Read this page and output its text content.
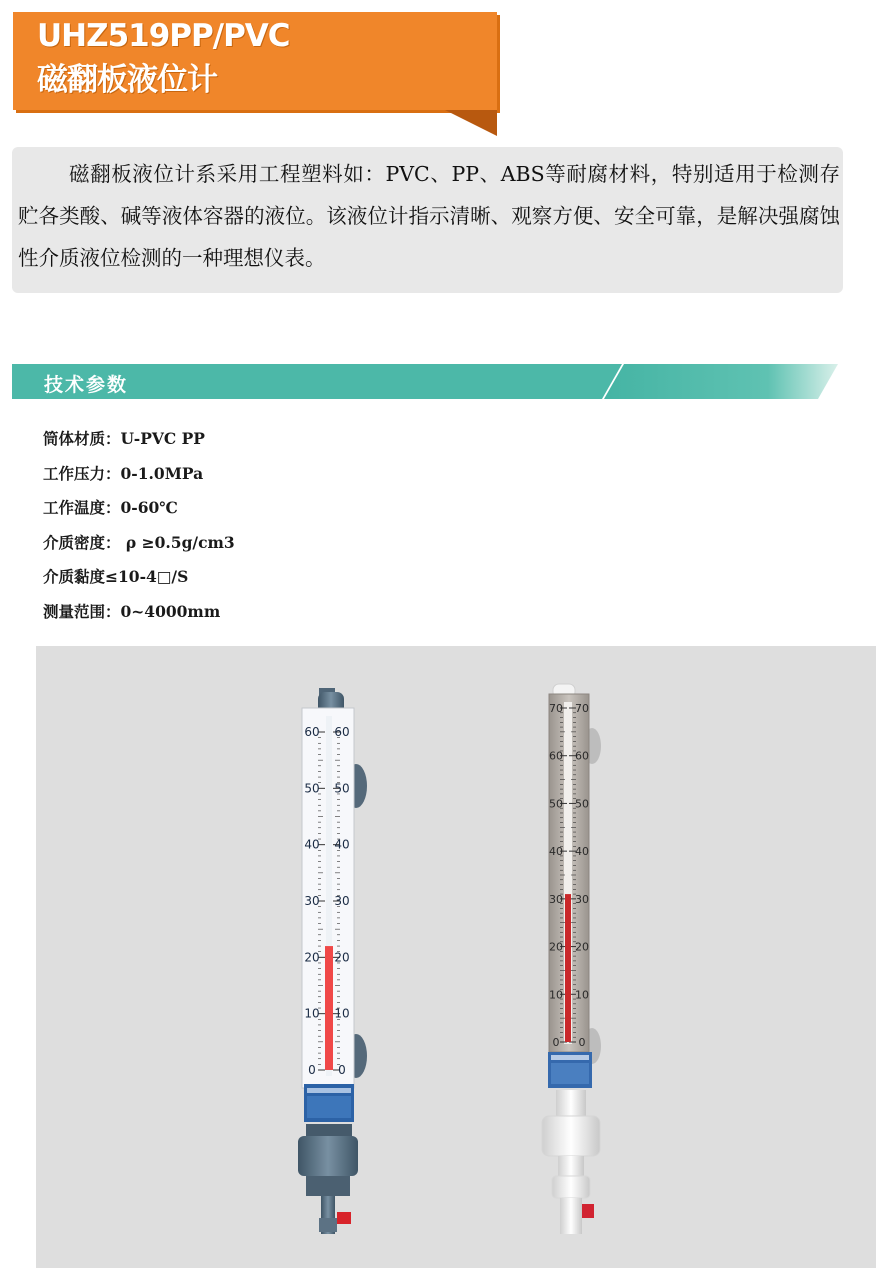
UHZ519PP/PVC
磁翻板液位计
磁翻板液位计系采用工程塑料如：PVC、PP、ABS等耐腐材料，特别适用于检测存贮各类酸、碱等液体容器的液位。该液位计指示清晰、观察方便、安全可靠，是解决强腐蚀性介质液位检测的一种理想仪表。
技术参数
筒体材质：U-PVC PP
工作压力：0-1.0MPa
工作温度：0-60℃
介质密度： ρ ≥0.5g/cm3
介质黏度≤10-4□/S
测量范围：0~4000mm
60 60
50 50
40 40
30 30
20 20
10 10
0 0
70 70
60 60
50 50
40 40
30 30
20 20
10 10
0 0
